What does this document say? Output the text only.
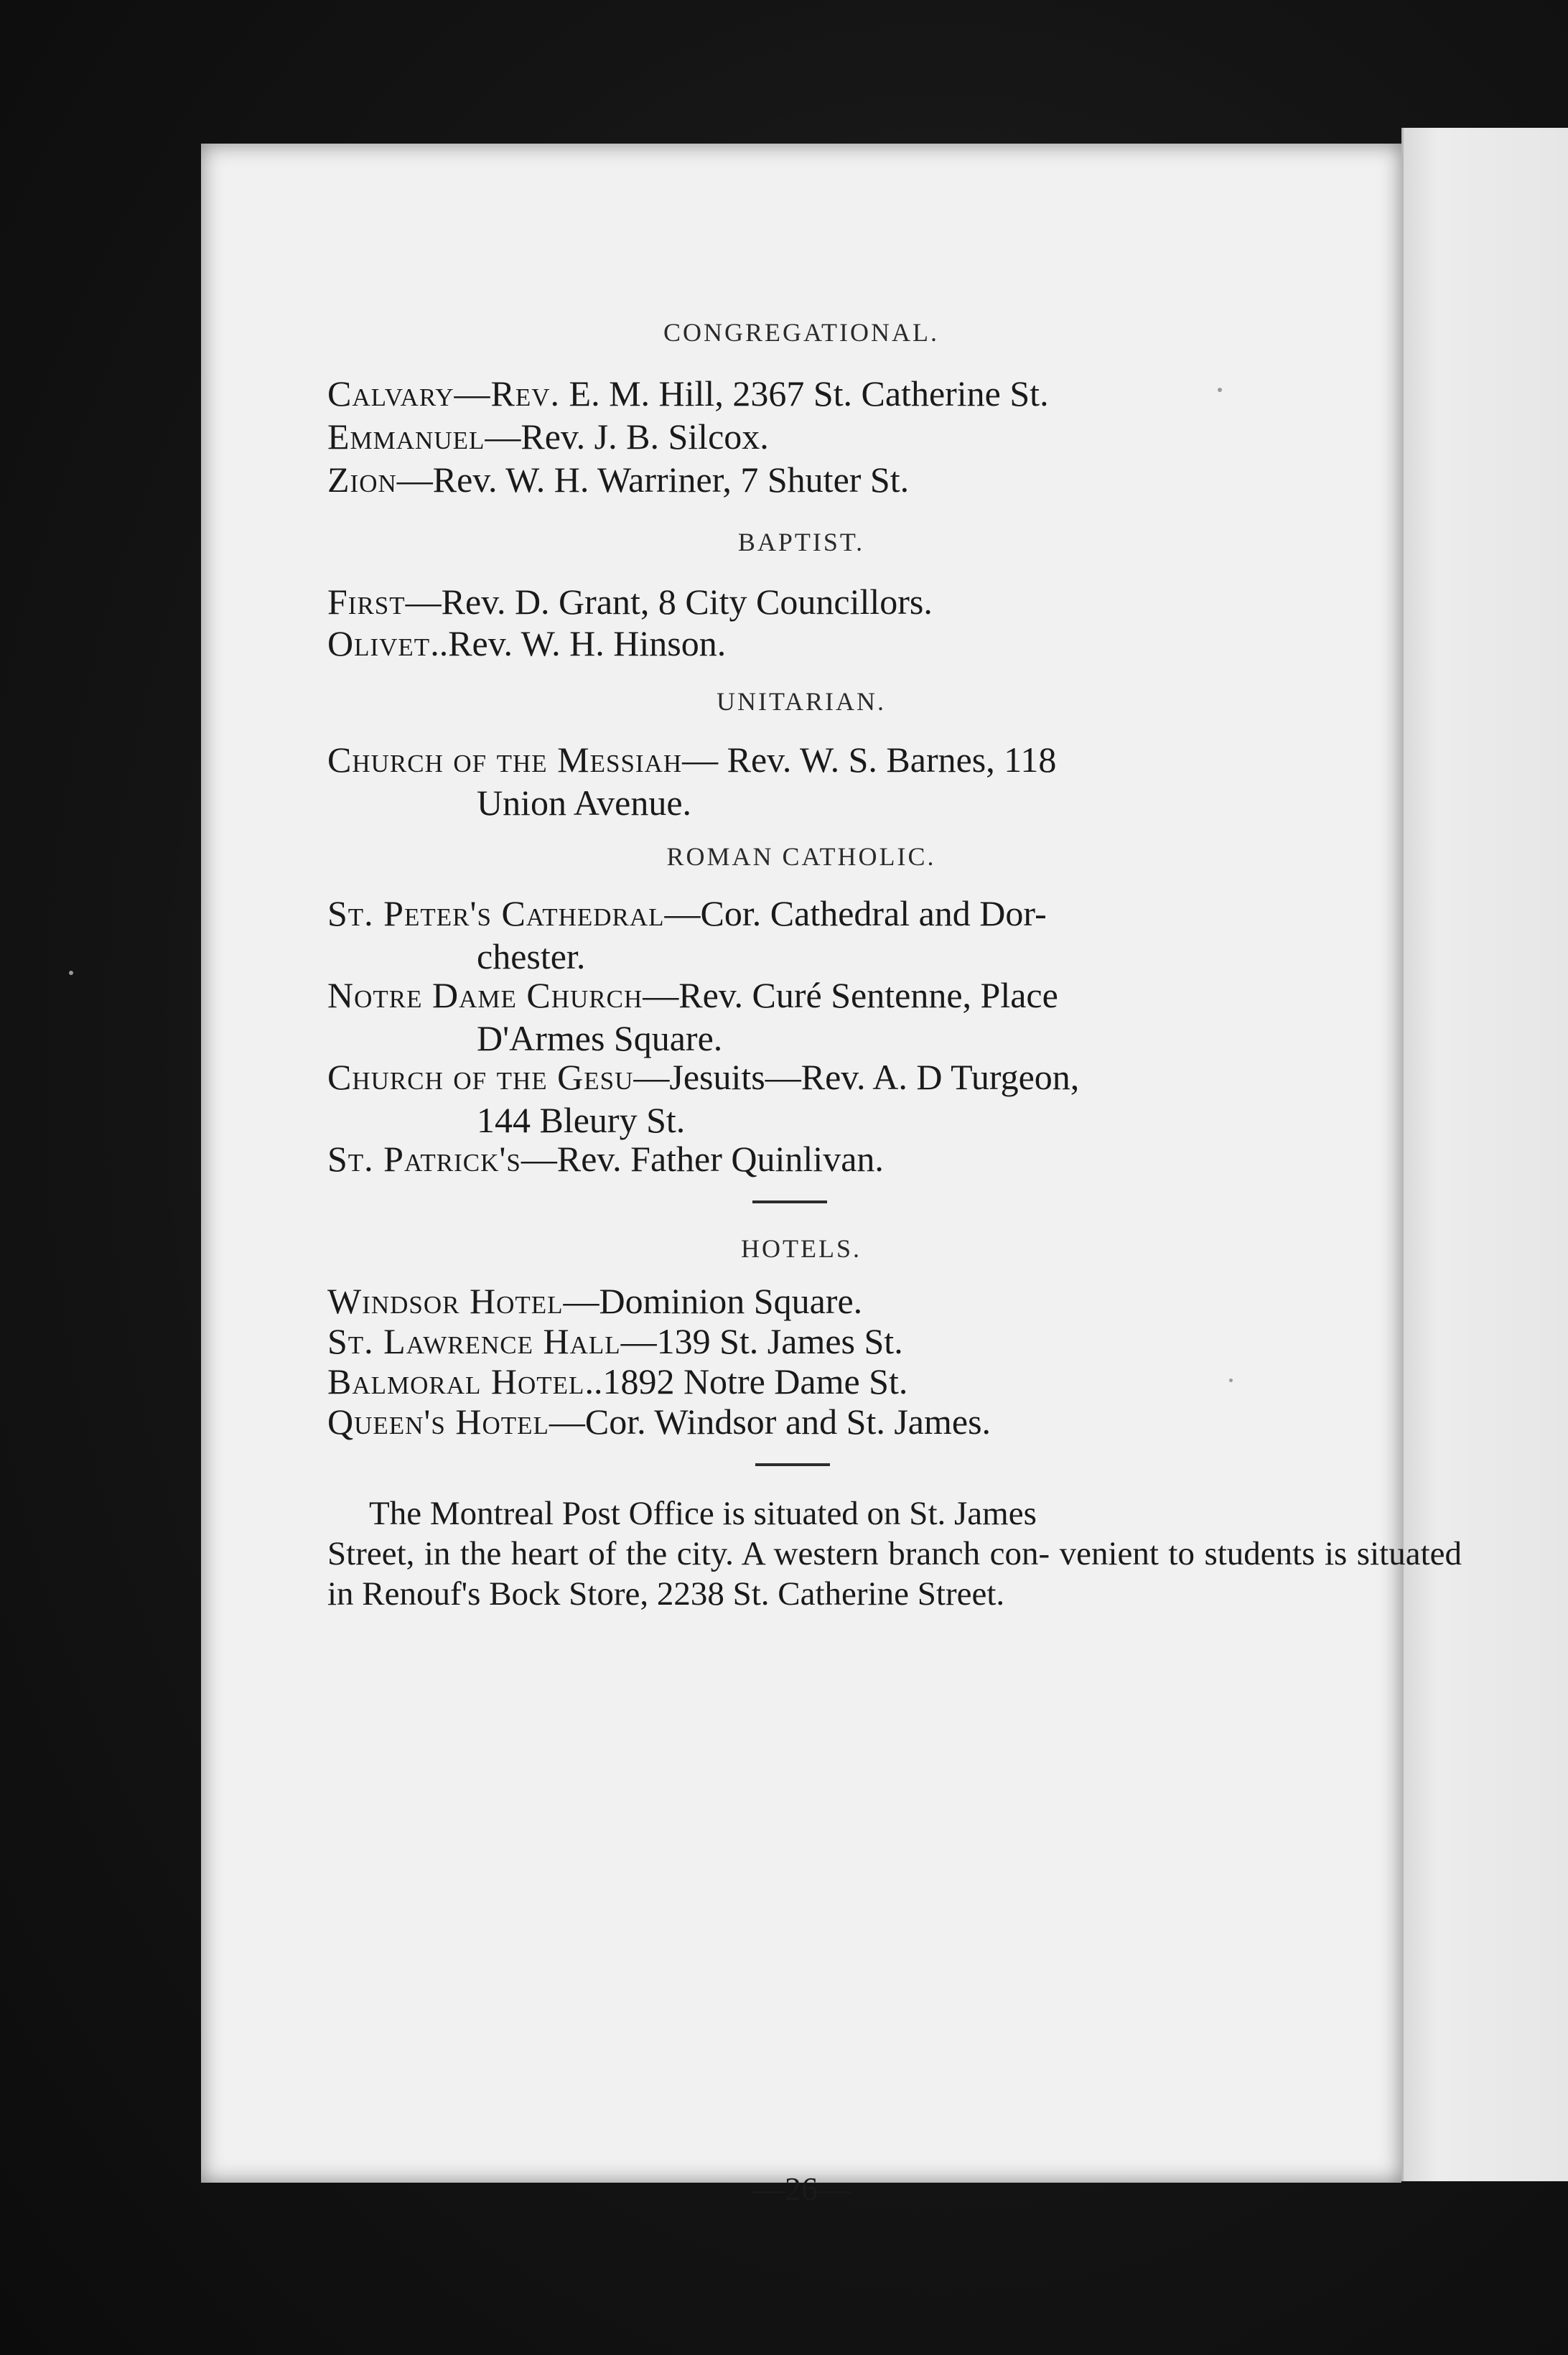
CONGREGATIONAL.
Calvary—Rev. E. M. Hill, 2367 St. Catherine St.
Emmanuel—Rev. J. B. Silcox.
Zion—Rev. W. H. Warriner, 7 Shuter St.
BAPTIST.
First—Rev. D. Grant, 8 City Councillors.
Olivet..Rev. W. H. Hinson.
UNITARIAN.
Church of the Messiah— Rev. W. S. Barnes, 118
Union Avenue.
ROMAN CATHOLIC.
St. Peter's Cathedral—Cor. Cathedral and Dor-
chester.
Notre Dame Church—Rev. Curé Sentenne, Place
D'Armes Square.
Church of the Gesu—Jesuits—Rev. A. D Turgeon,
144 Bleury St.
St. Patrick's—Rev. Father Quinlivan.
HOTELS.
Windsor Hotel—Dominion Square.
St. Lawrence Hall—139 St. James St.
Balmoral Hotel..1892 Notre Dame St.
Queen's Hotel—Cor. Windsor and St. James.
The Montreal Post Office is situated on St. James
Street, in the heart of the city. A western branch con- venient to students is situated in Renouf's Bock Store, 2238 St. Catherine Street.
—26—
